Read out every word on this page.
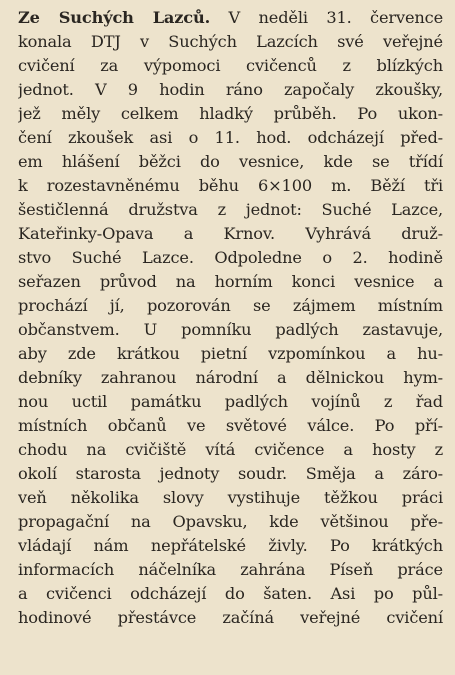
Ze Suchých Lazců. V neděli 31. července
konala DTJ v Suchých Lazcích své veřejné
cvičení za výpomoci cvičenců z blízkých
jednot. V 9 hodin ráno započaly zkoušky,
jež měly celkem hladký průběh. Po ukon-
čení zkoušek asi o 11. hod. odcházejí před-
em hlášení běžci do vesnice, kde se třídí
k rozestavněnému běhu 6×100 m. Běží tři
šestičlenná družstva z jednot: Suché Lazce,
Kateřinky-Opava a Krnov. Vyhrává druž-
stvo Suché Lazce. Odpoledne o 2. hodině
seřazen průvod na horním konci vesnice a
prochází jí, pozorován se zájmem místním
občanstvem. U pomníku padlých zastavuje,
aby zde krátkou pietní vzpomínkou a hu-
debníky zahranou národní a dělnickou hym-
nou uctil památku padlých vojínů z řad
místních občanů ve světové válce. Po pří-
chodu na cvičiště vítá cvičence a hosty z
okolí starosta jednoty soudr. Směja a záro-
veň několika slovy vystihuje těžkou práci
propagační na Opavsku, kde většinou pře-
vládají nám nepřátelské živly. Po krátkých
informacích náčelníka zahrána Píseň práce
a cvičenci odcházejí do šaten. Asi po půl-
hodinové přestávce začíná veřejné cvičení
